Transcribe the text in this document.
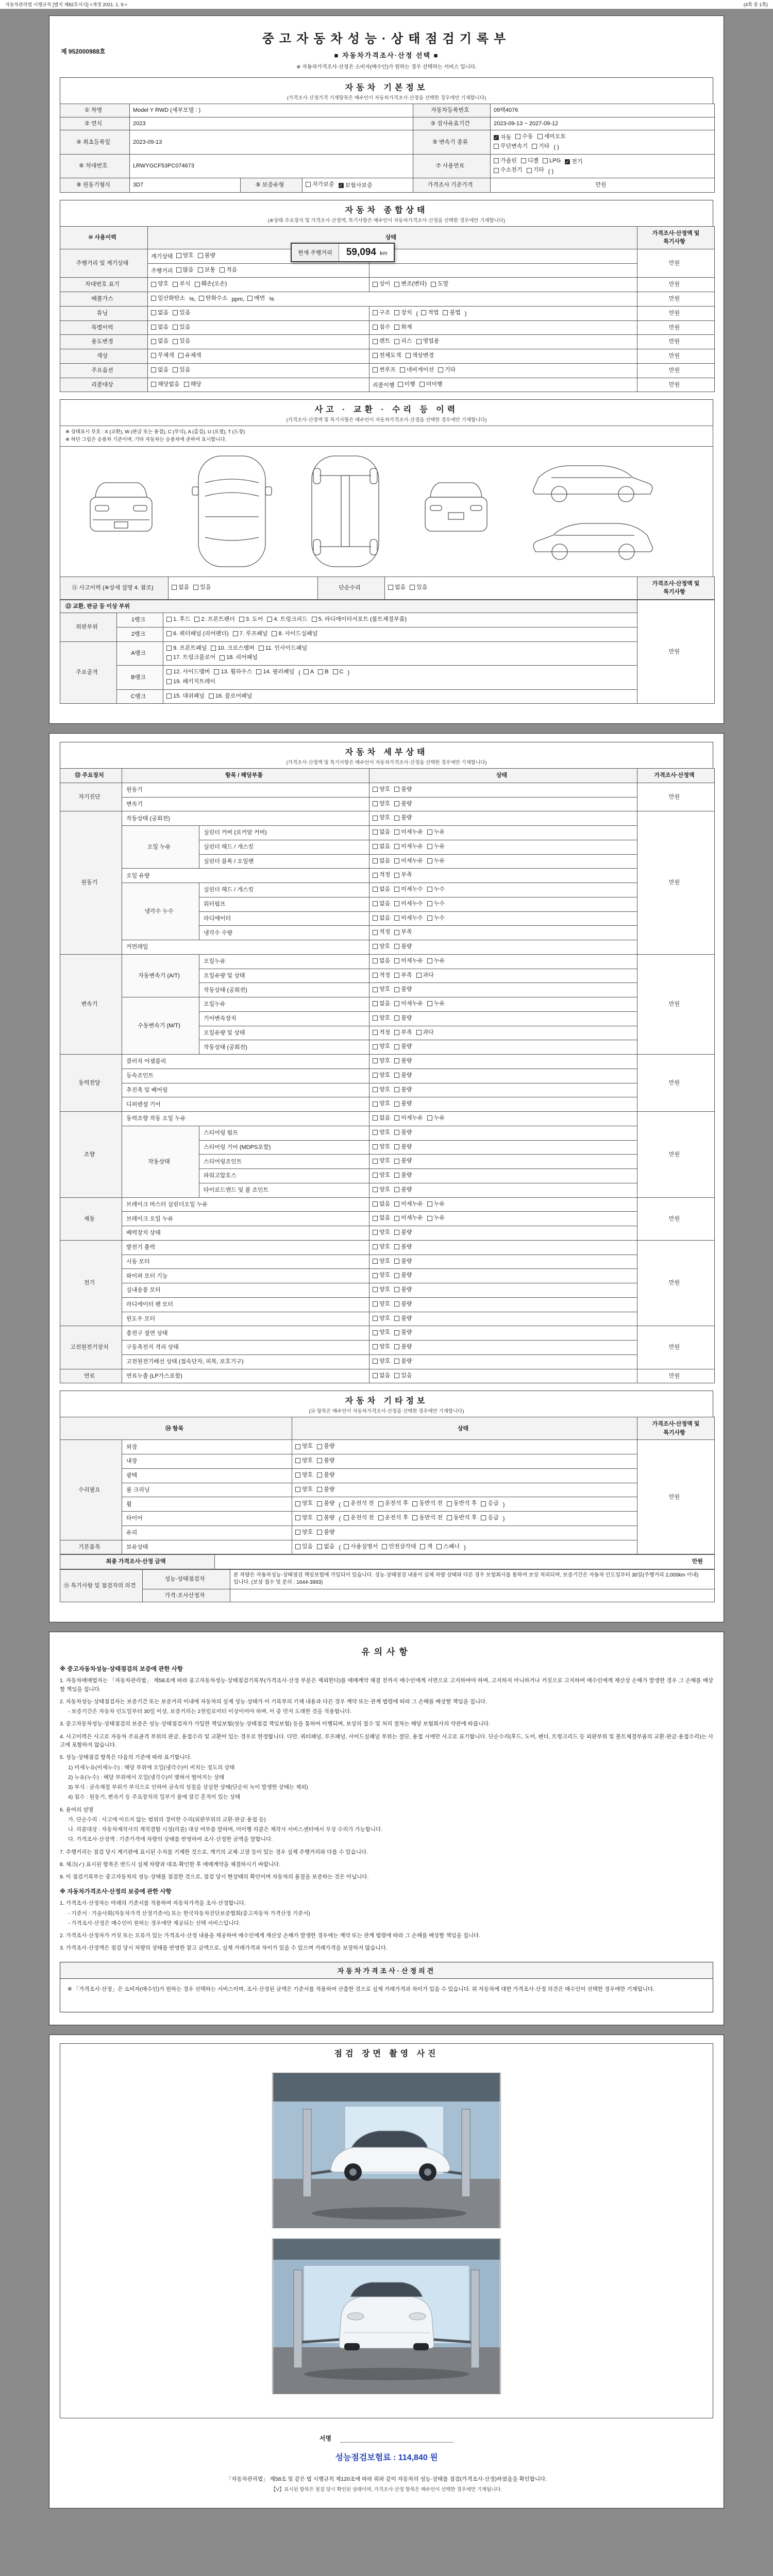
자동차관리법 시행규칙 [별지 제82호서식] <개정 2021. 1. 9.>	(4쪽 중 1쪽)
제 952000988호
중고자동차성능·상태점검기록부
■ 자동차가격조사·산정 선택 ■
※ 자동차가격조사·산정은 소비자(매수인)가 원하는 경우 선택하는 서비스 입니다.
자동차 기본정보
(가격조사·산정가격 기재항목은 매수인이 자동차가격조사·산정을 선택한 경우에만 기재합니다)
① 차명	Model Y RWD (세부모델 : )			자동차등록번호	09택4076
② 연식	2023			③ 검사유효기간	2023-09-13 ~ 2027-09-12
④ 최초등록일	2023-09-13	⑤ 변속기 종류	
✓ 자동 수동 세미오토

무단변속기 기타 ( )
⑥ 차대번호	LRWYGCF53PC074673	⑦ 사용연료	
가솔린 디젤 LPG ✓ 전기

수소전기 기타 ( )
⑧ 원동기형식	3D7	⑨ 보증유형	자가보증 ✓ 보험사보증	가격조사 기준가격	만원
자동차 종합상태
(※상태·주요장치 및 가격조사·산정액, 특기사항은 매수인이 자동차가격조사·산정을 선택한 경우에만 기재합니다)
⑩ 사용이력	상태		가격조사·산정액 및 특기사항
주행거리 및 계기상태	계기상태 양호 불량		만원
	주행거리 많음 보통 적음		

차대번호 표기	양호 부식 훼손(오손)	상이 변조(변타) 도말	만원
배출가스	일산화탄소 %, 탄화수소 ppm, 매연 %	만원
튜닝	없음 있음	구조 장치 ( 적법 불법 )	만원
특별이력	없음 있음	침수 화재	만원
용도변경	없음 있음	렌트 리스 영업용	만원
색상	무채색 유채색	전체도색 색상변경	만원
주요옵션	없음 있음	썬루프 네비게이션 기타	만원
리콜대상	해당없음 해당	리콜이행 이행 미이행	만원
현재 주행거리	59,094 km
사고 · 교환 · 수리 등 이력
(가격조사·산정액 및 특기사항은 매수인이 자동차가격조사·산정을 선택한 경우에만 기재합니다)
※ 상태표시 부호 : X (교환), W (판금 또는 용접), C (부식), A (흠집), U (요철), T (도장)
※ 하단 그림은 승용차 기준이며, 기타 자동차는 승용차에 준하여 표시합니다.
⑪ 사고이력 (※상세 설명 4. 참조)	없음 있음	단순수리	없음 있음
	가격조사·산정액 및 특기사항
⑫ 교환, 판금 등 이상 부위			만원
외판부위	1랭크	1. 후드 2. 프론트펜더 3. 도어 4. 트렁크리드 5. 라디에이터서포트 (볼트체결부품)	

	2랭크	6. 쿼터패널 (리어펜더) 7. 루프패널 8. 사이드실패널	

주요골격	A랭크	9. 프론트패널 10. 크로스멤버 11. 인사이드패널

17. 트렁크플로어 18. 리어패널	

B랭크	
12. 사이드멤버 13. 휠하우스 14. 필러패널 ( A B C )

19. 패키지트레이

	C랭크	15. 대쉬패널 16. 플로어패널	
자동차 세부상태
(가격조사·산정액 및 특기사항은 매수인이 자동차가격조사·산정을 선택한 경우에만 기재합니다)
⑬ 주요장치	항목 / 해당부품		상태	가격조사·산정액
자기진단	원동기		양호 불량	만원
	변속기		양호 불량	

원동기	작동상태 (공회전)		양호 불량	만원
	오일 누유	실린더 커버 (로커암 커버)	없음 미세누유 누유	

		실린더 헤드 / 개스킷	없음 미세누유 누유	

		실린더 블록 / 오일팬	없음 미세누유 누유	

	오일 유량		적정 부족	

	냉각수 누수	실린더 헤드 / 개스킷	없음 미세누수 누수	

		워터펌프	없음 미세누수 누수	

		라디에이터	없음 미세누수 누수	

		냉각수 수량	적정 부족	

	커먼레일		양호 불량	

변속기	자동변속기 (A/T)	오일누유	없음 미세누유 누유	만원
		오일유량 및 상태	적정 부족 과다	

		작동상태 (공회전)	양호 불량	

	수동변속기 (M/T)	오일누유	없음 미세누유 누유	

		기어변속장치	양호 불량	

		오일유량 및 상태	적정 부족 과다	

		작동상태 (공회전)	양호 불량	

동력전달	클러치 어셈블리		양호 불량	만원
	등속조인트		양호 불량	

	추진축 및 베어링		양호 불량	

	디퍼렌셜 기어		양호 불량	

조향	동력조향 작동 오일 누유		없음 미세누유 누유	만원
	작동상태	스티어링 펌프	양호 불량	

		스티어링 기어 (MDPS포함)	양호 불량	

		스티어링조인트	양호 불량	

		파워고압호스	양호 불량	

		타이로드엔드 및 볼 조인트	양호 불량	

제동	브레이크 마스터 실린더오일 누유		없음 미세누유 누유	만원
	브레이크 오일 누유		없음 미세누유 누유	

	배력장치 상태		양호 불량	

전기	발전기 출력		양호 불량	만원
	시동 모터		양호 불량	

	와이퍼 모터 기능		양호 불량	

	실내송풍 모터		양호 불량	

	라디에이터 팬 모터		양호 불량	

	윈도우 모터		양호 불량	

고전원전기장치	충전구 절연 상태		양호 불량	만원
	구동축전지 격리 상태		양호 불량	

	고전원전기배선 상태 (접속단자, 피복, 보호기구)		양호 불량	

연료	연료누출 (LP가스포함)		없음 있음	만원
자동차 기타정보
(⑭ 항목은 매수인이 자동차가격조사·산정을 선택한 경우에만 기재합니다)
⑭ 항목		상태	가격조사·산정액 및 특기사항
수리필요	외장	양호 불량	만원
	내장	양호 불량	

	광택	양호 불량	

	룸 크리닝	양호 불량	

휠	양호 불량 ( 운전석 전 운전석 후 동반석 전 동반석 후 응급 )
타이어	양호 불량 ( 운전석 전 운전석 후 동반석 전 동반석 후 응급 )
	유리	양호 불량	

기본품목	보유상태	있음 없음 ( 사용설명서 안전삼각대 잭 스패너 )
최종 가격조사·산정 금액	만원
⑮ 특기사항 및 점검자의 의견	성능·상태점검자	본 차량은 자동차성능·상태점검 책임보험에 가입되어 있습니다. 성능·상태점검 내용이 실제 차량 상태와 다른 경우 보험회사를 통하여 보상 처리되며, 보증기간은 자동차 인도일부터 30일(주행거리 2,000km 이내)입니다. (보상 접수 및 문의 : 1644-3993)
	가격·조사산정자	
유의사항
※ 중고자동차성능·상태점검의 보증에 관한 사항
1. 자동차매매업자는 「자동차관리법」 제58조에 따라 중고자동차성능·상태점검기록부(가격조사·산정 부분은 제외한다)를 매매계약 체결 전까지 매수인에게 서면으로 고지하여야 하며, 고지하지 아니하거나 거짓으로 고지하여 매수인에게 재산상 손해가 발생한 경우 그 손해를 배상할 책임을 집니다.
2. 자동차성능·상태점검자는 보증기간 또는 보증거리 이내에 자동차의 실제 성능·상태가 이 기록부의 기재 내용과 다른 경우 계약 또는 관계 법령에 따라 그 손해를 배상할 책임을 집니다.
- 보증기간은 자동차 인도일부터 30일 이상, 보증거리는 2천킬로미터 이상이어야 하며, 이 중 먼저 도래한 것을 적용합니다.
3. 중고자동차성능·상태점검의 보증은 성능·상태점검자가 가입한 책임보험(성능·상태점검 책임보험) 등을 통하여 이행되며, 보상의 접수 및 처리 절차는 해당 보험회사의 약관에 따릅니다.
4. 사고이력은 사고로 자동차 주요골격 부위의 판금, 용접수리 및 교환이 있는 경우로 한정합니다. 다만, 쿼터패널, 루프패널, 사이드실패널 부위는 절단, 용접 시에만 사고로 표기합니다. 단순수리(후드, 도어, 펜더, 트렁크리드 등 외판부위 및 볼트체결부품의 교환·판금·용접수리)는 사고에 포함하지 않습니다.
5. 성능·상태점검 항목은 다음의 기준에 따라 표기합니다.
1) 미세누유(미세누수) : 해당 부위에 오일(냉각수)이 비치는 정도의 상태
2) 누유(누수) : 해당 부위에서 오일(냉각수)이 맺혀서 떨어지는 상태
3) 부식 : 금속재질 부위가 부식으로 인하여 금속의 성질을 상실한 상태(단순히 녹이 발생한 상태는 제외)
4) 침수 : 원동기, 변속기 등 주요장치의 일부가 물에 잠긴 흔적이 있는 상태
6. 용어의 설명
가. 단순수리 : 사고에 이르지 않는 범위의 경미한 수리(외판부위의 교환·판금·용접 등)
나. 리콜대상 : 자동차제작사의 제작결함 시정(리콜) 대상 여부를 말하며, 미이행 리콜은 제작사 서비스센터에서 무상 수리가 가능합니다.
다. 가격조사·산정액 : 기준가격에 차량의 상태를 반영하여 조사·산정한 금액을 말합니다.
7. 주행거리는 점검 당시 계기판에 표시된 수치를 기재한 것으로, 계기의 교체·고장 등이 있는 경우 실제 주행거리와 다를 수 있습니다.
8. 체크(✓) 표시된 항목은 반드시 실제 차량과 대조·확인한 후 매매계약을 체결하시기 바랍니다.
9. 이 점검기록부는 중고자동차의 성능·상태를 점검한 것으로, 점검 당시 현상태의 확인이며 자동차의 품질을 보증하는 것은 아닙니다.
※ 자동차가격조사·산정의 보증에 관한 사항
1. 가격조사·산정자는 아래의 기준서를 적용하여 자동차가격을 조사·산정합니다.
- 기준서 : 기술사회(자동차가격 산정기준서) 또는 한국자동차진단보증협회(중고자동차 가격산정 기준서)
- 가격조사·산정은 매수인이 원하는 경우에만 제공되는 선택 서비스입니다.
2. 가격조사·산정자가 거짓 또는 오류가 있는 가격조사·산정 내용을 제공하여 매수인에게 재산상 손해가 발생한 경우에는 계약 또는 관계 법령에 따라 그 손해를 배상할 책임을 집니다.
3. 가격조사·산정액은 점검 당시 차량의 상태를 반영한 참고 금액으로, 실제 거래가격과 차이가 있을 수 있으며 거래가격을 보장하지 않습니다.
자동차가격조사·산정의견
※ 「가격조사·산정」은 소비자(매수인)가 원하는 경우 선택하는 서비스이며, 조사·산정된 금액은 기준서를 적용하여 산출한 것으로 실제 거래가격과 차이가 있을 수 있습니다. 위 자동차에 대한 가격조사·산정 의견은 매수인이 선택한 경우에만 기재됩니다.
점검 장면 촬영 사진
서명
성능점검보험료 : 114,840 원
「자동차관리법」 제58조 및 같은 법 시행규칙 제120조에 따라 위와 같이 자동차의 성능·상태를 점검(가격조사·산정)하였음을 확인합니다.
【V】표시된 항목은 점검 당시 확인된 상태이며, 가격조사·산정 항목은 매수인이 선택한 경우에만 기재됩니다.
